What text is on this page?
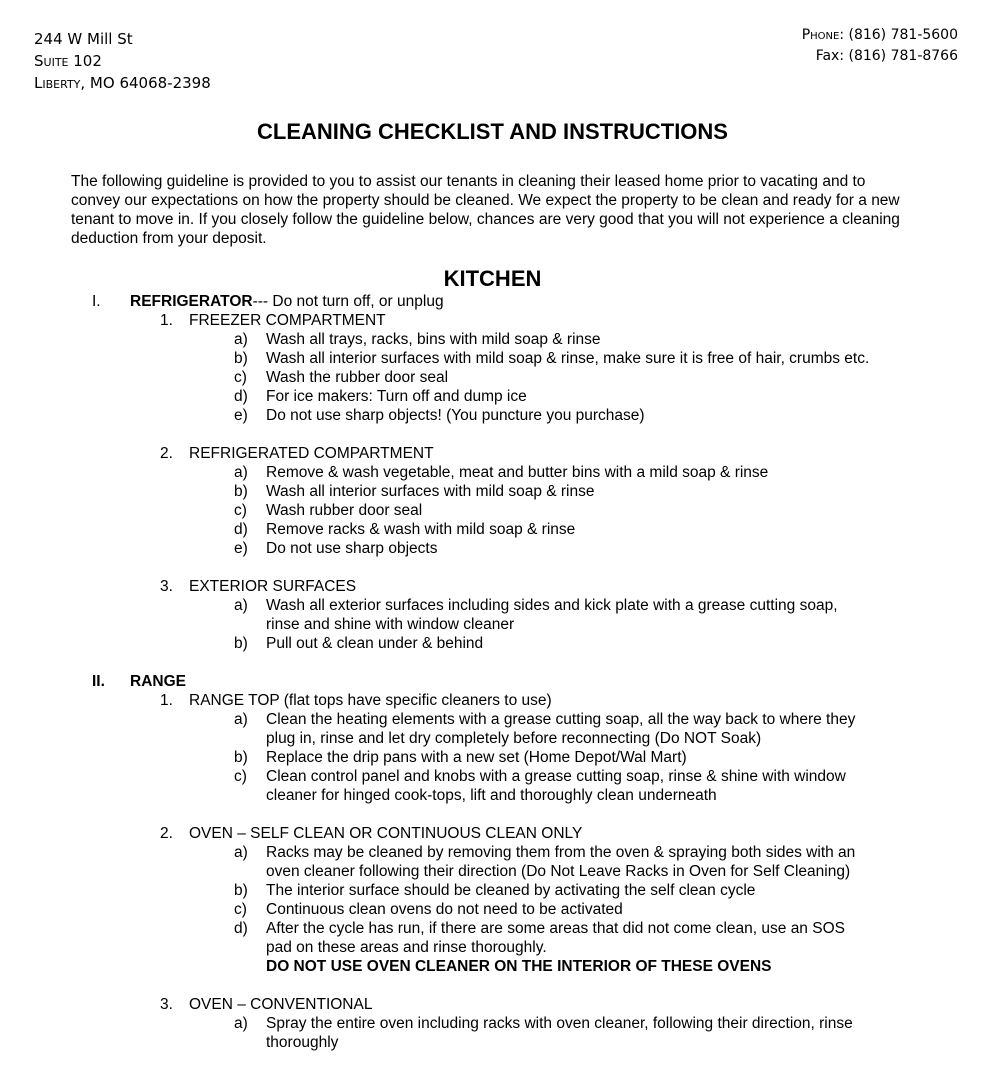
244 W Mill St
Suite 102
Liberty, MO 64068-2398
Phone: (816) 781-5600
Fax: (816) 781-8766
CLEANING CHECKLIST AND INSTRUCTIONS
The following guideline is provided to you to assist our tenants in cleaning their leased home prior to vacating and to convey our expectations on how the property should be cleaned. We expect the property to be clean and ready for a new tenant to move in. If you closely follow the guideline below, chances are very good that you will not experience a cleaning deduction from your deposit.
KITCHEN
I. REFRIGERATOR--- Do not turn off, or unplug
1. FREEZER COMPARTMENT
a) Wash all trays, racks, bins with mild soap & rinse
b) Wash all interior surfaces with mild soap & rinse, make sure it is free of hair, crumbs etc.
c) Wash the rubber door seal
d) For ice makers: Turn off and dump ice
e) Do not use sharp objects! (You puncture you purchase)
2. REFRIGERATED COMPARTMENT
a) Remove & wash vegetable, meat and butter bins with a mild soap & rinse
b) Wash all interior surfaces with mild soap & rinse
c) Wash rubber door seal
d) Remove racks & wash with mild soap & rinse
e) Do not use sharp objects
3. EXTERIOR SURFACES
a) Wash all exterior surfaces including sides and kick plate with a grease cutting soap,
rinse and shine with window cleaner
b) Pull out & clean under & behind
II. RANGE
1. RANGE TOP (flat tops have specific cleaners to use)
a) Clean the heating elements with a grease cutting soap, all the way back to where they
plug in, rinse and let dry completely before reconnecting (Do NOT Soak)
b) Replace the drip pans with a new set (Home Depot/Wal Mart)
c) Clean control panel and knobs with a grease cutting soap, rinse & shine with window
cleaner for hinged cook-tops, lift and thoroughly clean underneath
2. OVEN – SELF CLEAN OR CONTINUOUS CLEAN ONLY
a) Racks may be cleaned by removing them from the oven & spraying both sides with an
oven cleaner following their direction (Do Not Leave Racks in Oven for Self Cleaning)
b) The interior surface should be cleaned by activating the self clean cycle
c) Continuous clean ovens do not need to be activated
d) After the cycle has run, if there are some areas that did not come clean, use an SOS
pad on these areas and rinse thoroughly.
DO NOT USE OVEN CLEANER ON THE INTERIOR OF THESE OVENS
3. OVEN – CONVENTIONAL
a) Spray the entire oven including racks with oven cleaner, following their direction, rinse
thoroughly
